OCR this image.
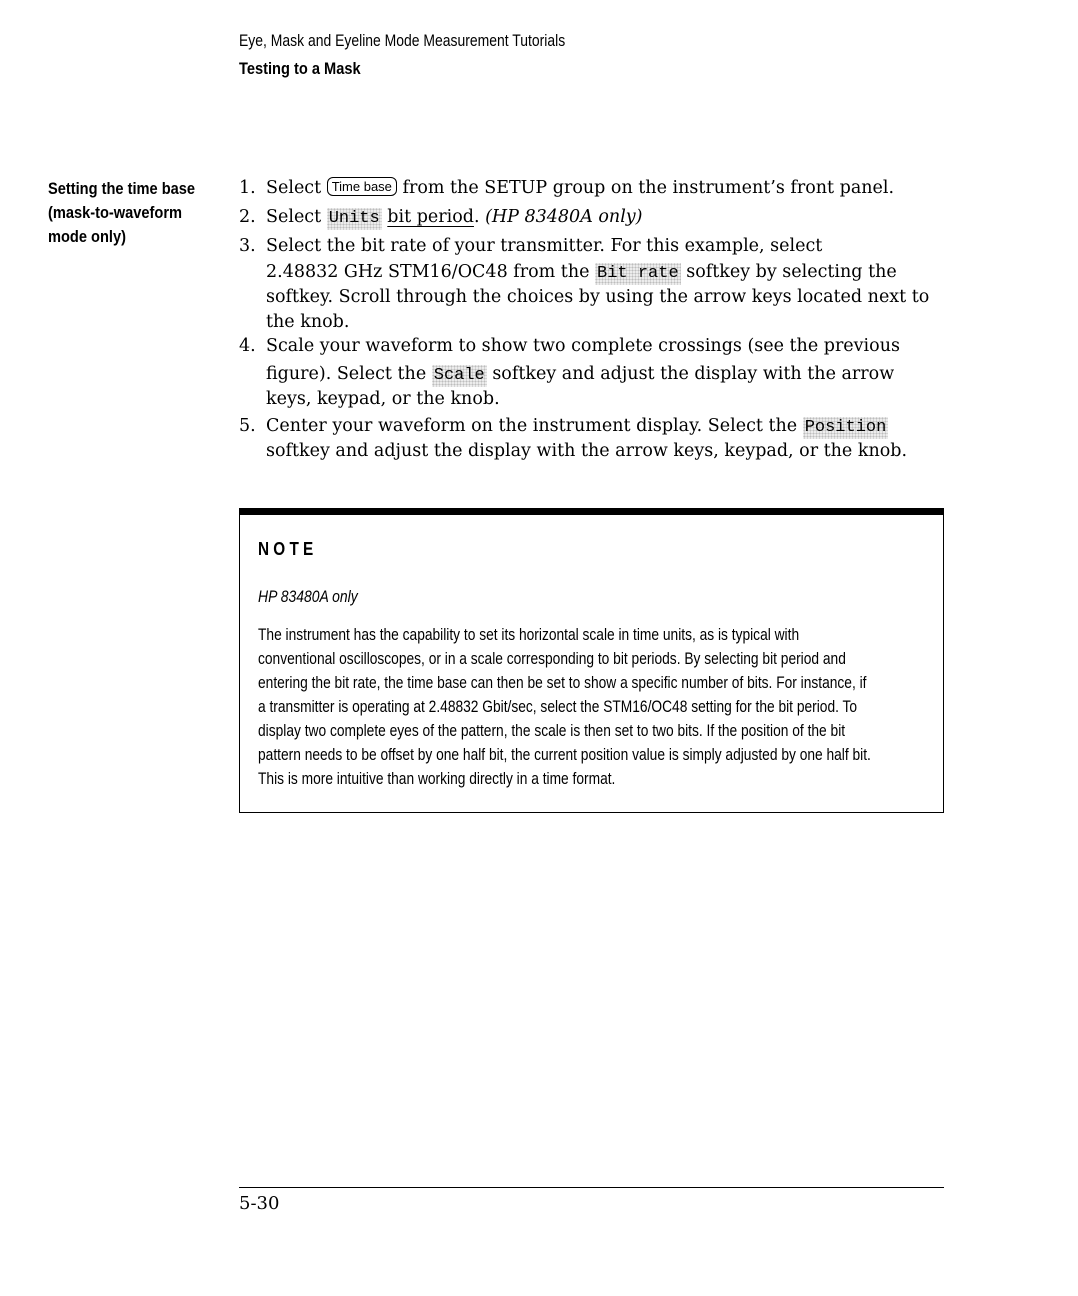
Eye, Mask and Eyeline Mode Measurement Tutorials
Testing to a Mask
Setting the time base
(mask-to-waveform
mode only)
1. Select Time base from the SETUP group on the instrument’s front panel.
2. Select Units bit period. (HP 83480A only)
3. Select the bit rate of your transmitter. For this example, select
2.48832 GHz STM16/OC48 from the Bit rate softkey by selecting the
softkey. Scroll through the choices by using the arrow keys located next to
the knob.
4. Scale your waveform to show two complete crossings (see the previous
figure). Select the Scale softkey and adjust the display with the arrow
keys, keypad, or the knob.
5. Center your waveform on the instrument display. Select the Position
softkey and adjust the display with the arrow keys, keypad, or the knob.
NOTE
HP 83480A only
The instrument has the capability to set its horizontal scale in time units, as is typical with
conventional oscilloscopes, or in a scale corresponding to bit periods. By selecting bit period and
entering the bit rate, the time base can then be set to show a specific number of bits. For instance, if
a transmitter is operating at 2.48832 Gbit/sec, select the STM16/OC48 setting for the bit period. To
display two complete eyes of the pattern, the scale is then set to two bits. If the position of the bit
pattern needs to be offset by one half bit, the current position value is simply adjusted by one half bit.
This is more intuitive than working directly in a time format.
5-30
